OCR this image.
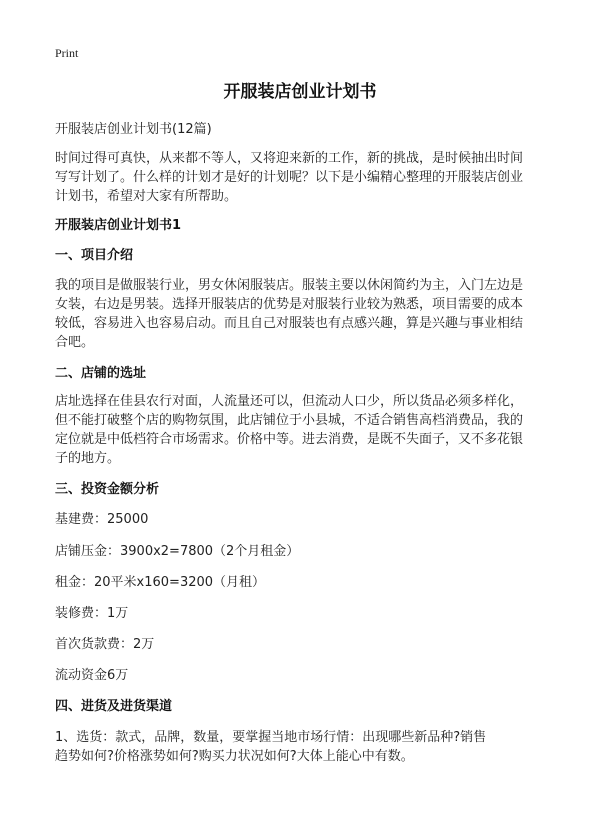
Print
开服装店创业计划书

开服装店创业计划书(12篇)

时间过得可真快，从来都不等人，又将迎来新的工作，新的挑战，是时候抽出时间
写写计划了。什么样的计划才是好的计划呢？以下是小编精心整理的开服装店创业
计划书，希望对大家有所帮助。

开服装店创业计划书1

一、项目介绍

我的项目是做服装行业，男女休闲服装店。服装主要以休闲简约为主，入门左边是
女装，右边是男装。选择开服装店的优势是对服装行业较为熟悉，项目需要的成本
较低，容易进入也容易启动。而且自己对服装也有点感兴趣，算是兴趣与事业相结
合吧。

二、店铺的选址

店址选择在佳县农行对面，人流量还可以，但流动人口少，所以货品必须多样化，
但不能打破整个店的购物氛围，此店铺位于小县城，不适合销售高档消费品，我的
定位就是中低档符合市场需求。价格中等。进去消费，是既不失面子，又不多花银
子的地方。

三、投资金额分析

基建费：25000

店铺压金：3900x2=7800（2个月租金）

租金：20平米x160=3200（月租）

装修费：1万

首次货款费：2万

流动资金6万

四、进货及进货渠道

1、选货：款式，品牌，数量，要掌握当地市场行情：出现哪些新品种?销售
趋势如何?价格涨势如何?购买力状况如何?大体上能心中有数。
